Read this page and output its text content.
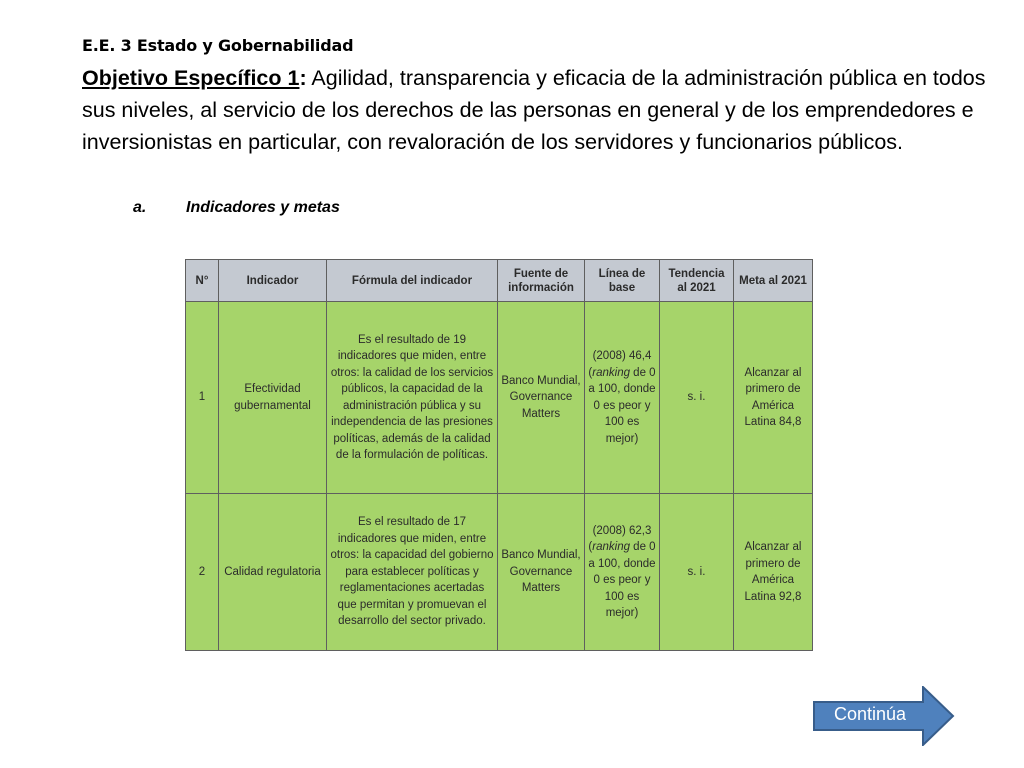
E.E. 3 Estado y Gobernabilidad
Objetivo Específico 1: Agilidad, transparencia y eficacia de la administración pública en todos sus niveles, al servicio de los derechos de las personas en general y de los emprendedores e inversionistas en particular, con revaloración de los servidores y funcionarios públicos.
a. Indicadores y metas
N°	Indicador	Fórmula del indicador	Fuente de información	Línea de base	Tendencia al 2021	Meta al 2021
1	Efectividad gubernamental	Es el resultado de 19 indicadores que miden, entre otros: la calidad de los servicios públicos, la capacidad de la administración pública y su independencia de las presiones políticas, además de la calidad de la formulación de políticas.	Banco Mundial, Governance Matters	(2008) 46,4 (ranking de 0 a 100, donde 0 es peor y 100 es mejor)	s. i.	Alcanzar al primero de América Latina 84,8
2	Calidad regulatoria	Es el resultado de 17 indicadores que miden, entre otros: la capacidad del gobierno para establecer políticas y reglamentaciones acertadas que permitan y promuevan el desarrollo del sector privado.	Banco Mundial, Governance Matters	(2008) 62,3 (ranking de 0 a 100, donde 0 es peor y 100 es mejor)	s. i.	Alcanzar al primero de América Latina 92,8
Continúa
